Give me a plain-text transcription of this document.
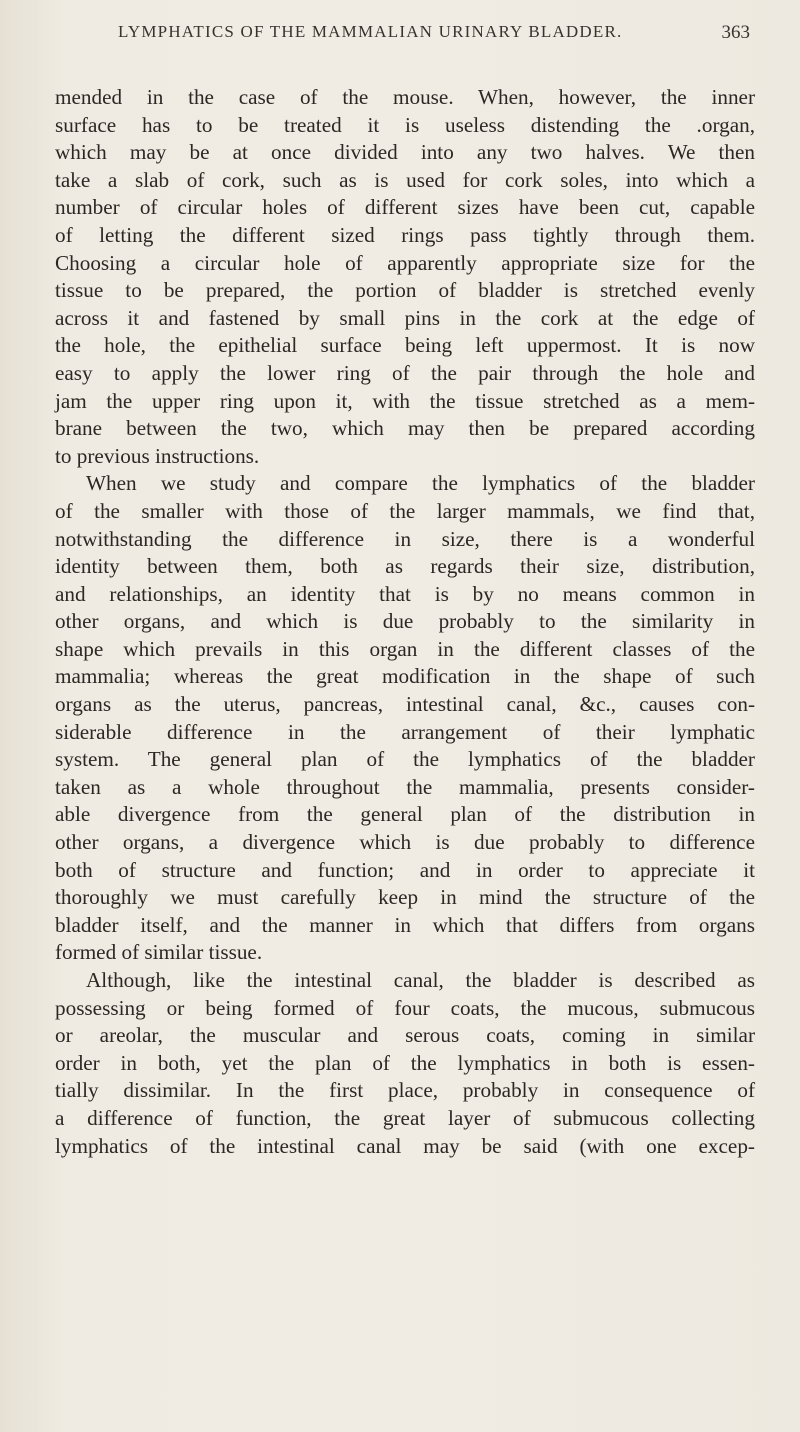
LYMPHATICS OF THE MAMMALIAN URINARY BLADDER.	363
mended in the case of the mouse. When, however, the inner
surface has to be treated it is useless distending the .organ,
which may be at once divided into any two halves. We then
take a slab of cork, such as is used for cork soles, into which a
number of circular holes of different sizes have been cut, capable
of letting the different sized rings pass tightly through them.
Choosing a circular hole of apparently appropriate size for the
tissue to be prepared, the portion of bladder is stretched evenly
across it and fastened by small pins in the cork at the edge of
the hole, the epithelial surface being left uppermost. It is now
easy to apply the lower ring of the pair through the hole and
jam the upper ring upon it, with the tissue stretched as a mem-
brane between the two, which may then be prepared according
to previous instructions.
When we study and compare the lymphatics of the bladder
of the smaller with those of the larger mammals, we find that,
notwithstanding the difference in size, there is a wonderful
identity between them, both as regards their size, distribution,
and relationships, an identity that is by no means common in
other organs, and which is due probably to the similarity in
shape which prevails in this organ in the different classes of the
mammalia; whereas the great modification in the shape of such
organs as the uterus, pancreas, intestinal canal, &c., causes con-
siderable difference in the arrangement of their lymphatic
system. The general plan of the lymphatics of the bladder
taken as a whole throughout the mammalia, presents consider-
able divergence from the general plan of the distribution in
other organs, a divergence which is due probably to difference
both of structure and function; and in order to appreciate it
thoroughly we must carefully keep in mind the structure of the
bladder itself, and the manner in which that differs from organs
formed of similar tissue.
Although, like the intestinal canal, the bladder is described as
possessing or being formed of four coats, the mucous, submucous
or areolar, the muscular and serous coats, coming in similar
order in both, yet the plan of the lymphatics in both is essen-
tially dissimilar. In the first place, probably in consequence of
a difference of function, the great layer of submucous collecting
lymphatics of the intestinal canal may be said (with one excep-
